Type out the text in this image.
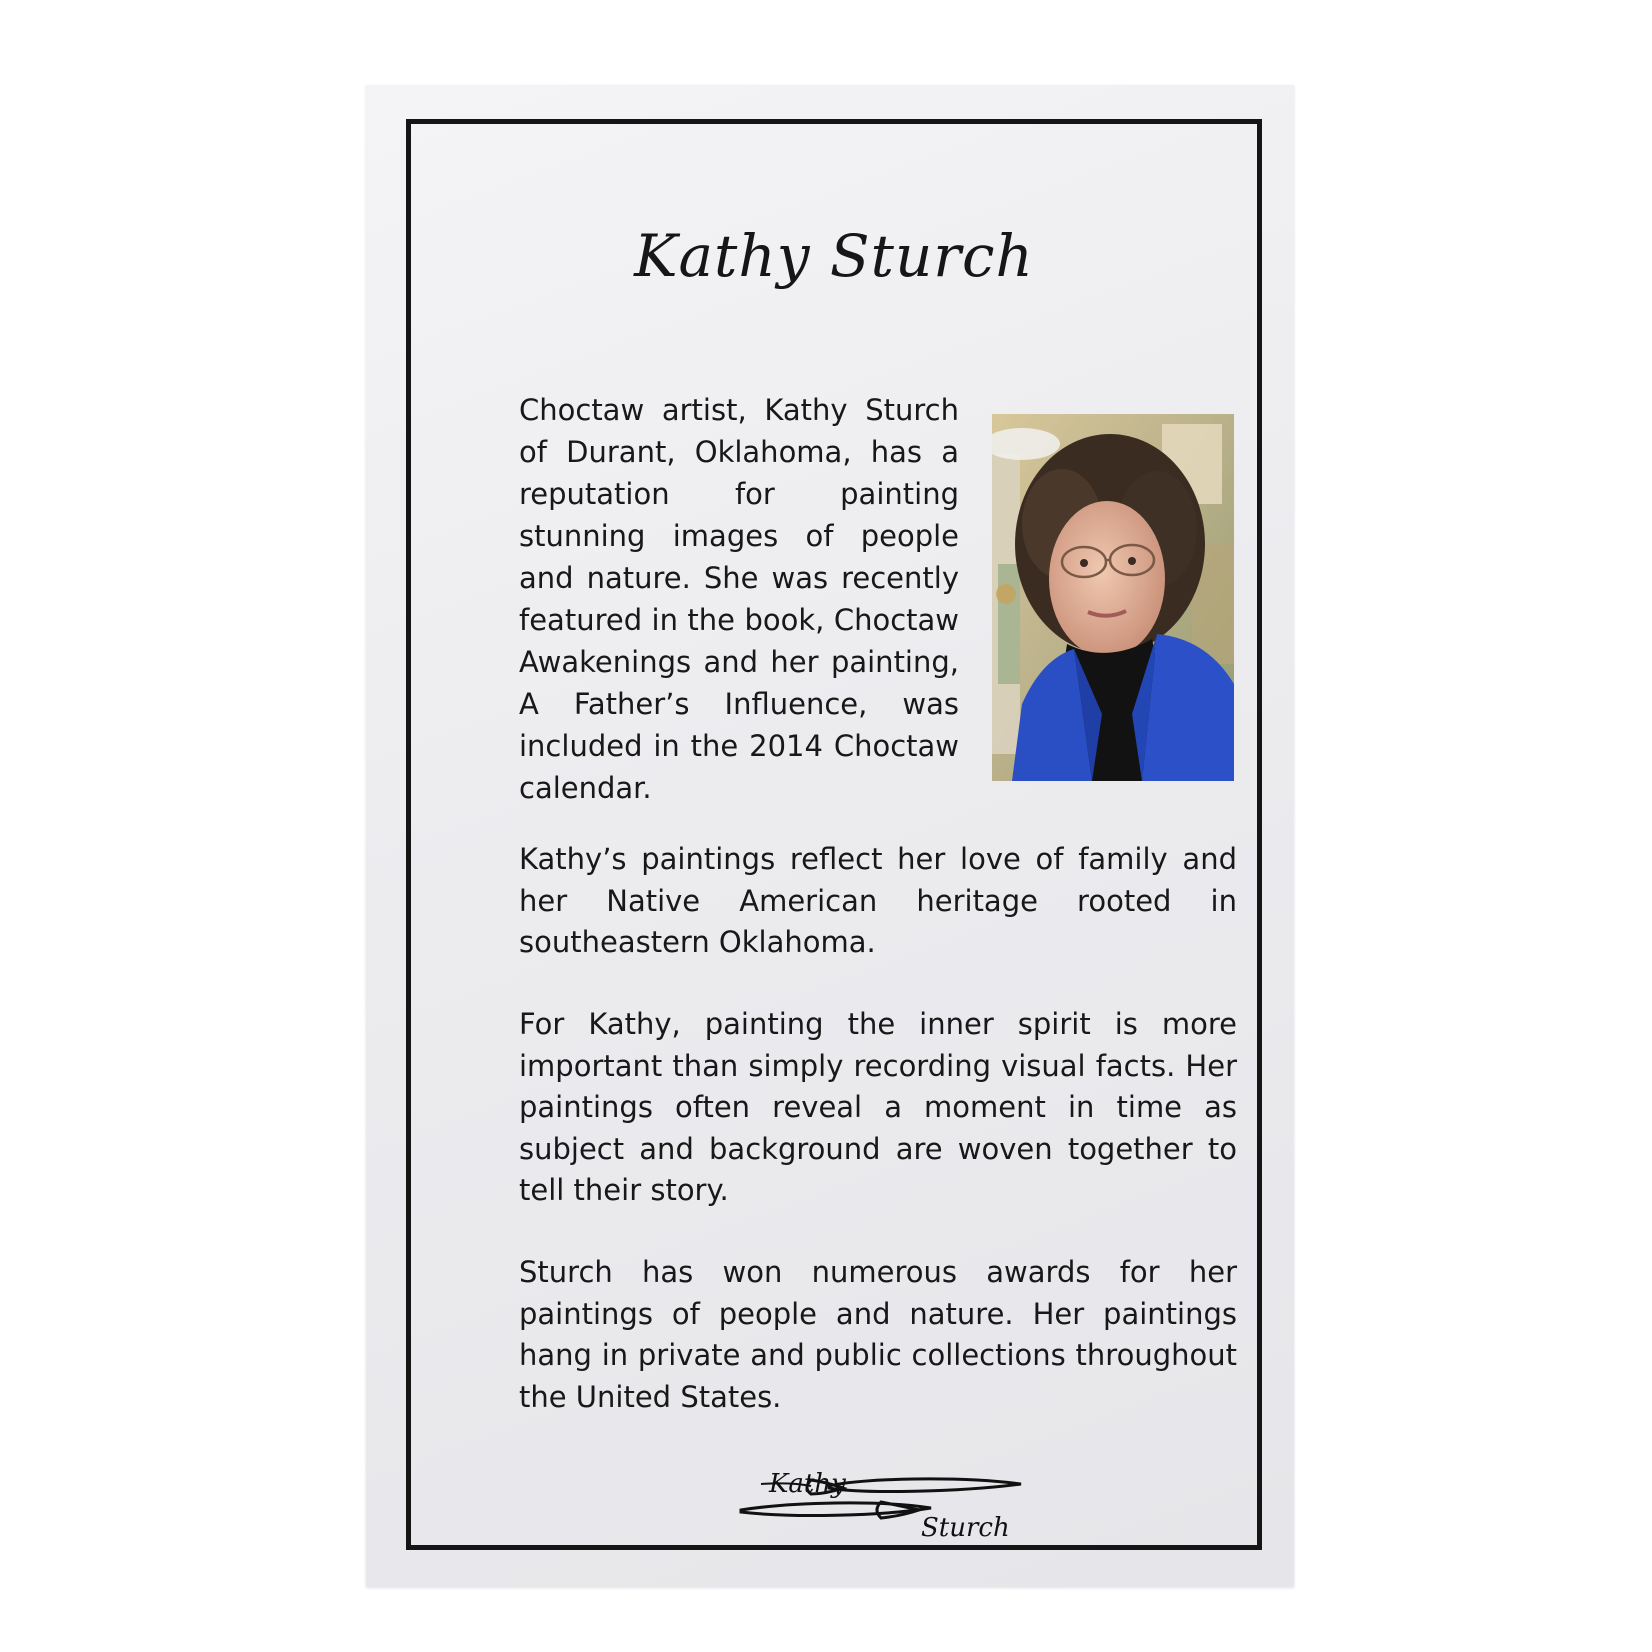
Kathy Sturch

Choctaw artist, Kathy Sturch of Durant, Oklahoma, has a reputation for painting stunning images of people and nature. She was recently featured in the book, Choctaw Awakenings and her painting, A Father’s Influence, was included in the 2014 Choctaw calendar.

Kathy’s paintings reflect her love of family and her Native American heritage rooted in southeastern Oklahoma.

For Kathy, painting the inner spirit is more important than simply recording visual facts. Her paintings often reveal a moment in time as subject and background are woven together to tell their story.

Sturch has won numerous awards for her paintings of people and nature. Her paintings hang in private and public collections throughout the United States.

Kathy
Sturch
